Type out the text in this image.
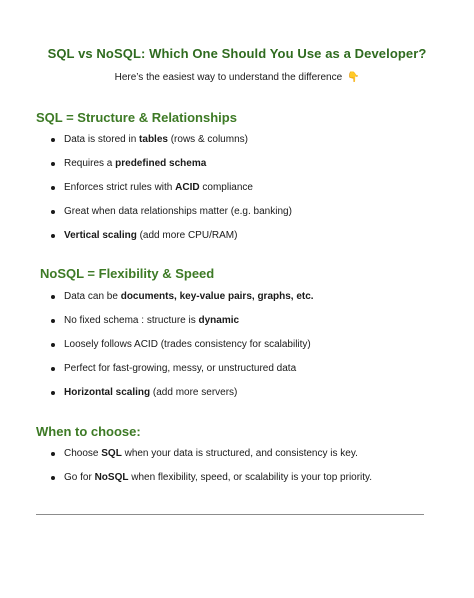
SQL vs NoSQL: Which One Should You Use as a Developer?
Here’s the easiest way to understand the difference 👇
SQL = Structure & Relationships
Data is stored in tables (rows & columns)
Requires a predefined schema
Enforces strict rules with ACID compliance
Great when data relationships matter (e.g. banking)
Vertical scaling (add more CPU/RAM)
NoSQL = Flexibility & Speed
Data can be documents, key-value pairs, graphs, etc.
No fixed schema : structure is dynamic
Loosely follows ACID (trades consistency for scalability)
Perfect for fast-growing, messy, or unstructured data
Horizontal scaling (add more servers)
When to choose:
Choose SQL when your data is structured, and consistency is key.
Go for NoSQL when flexibility, speed, or scalability is your top priority.
